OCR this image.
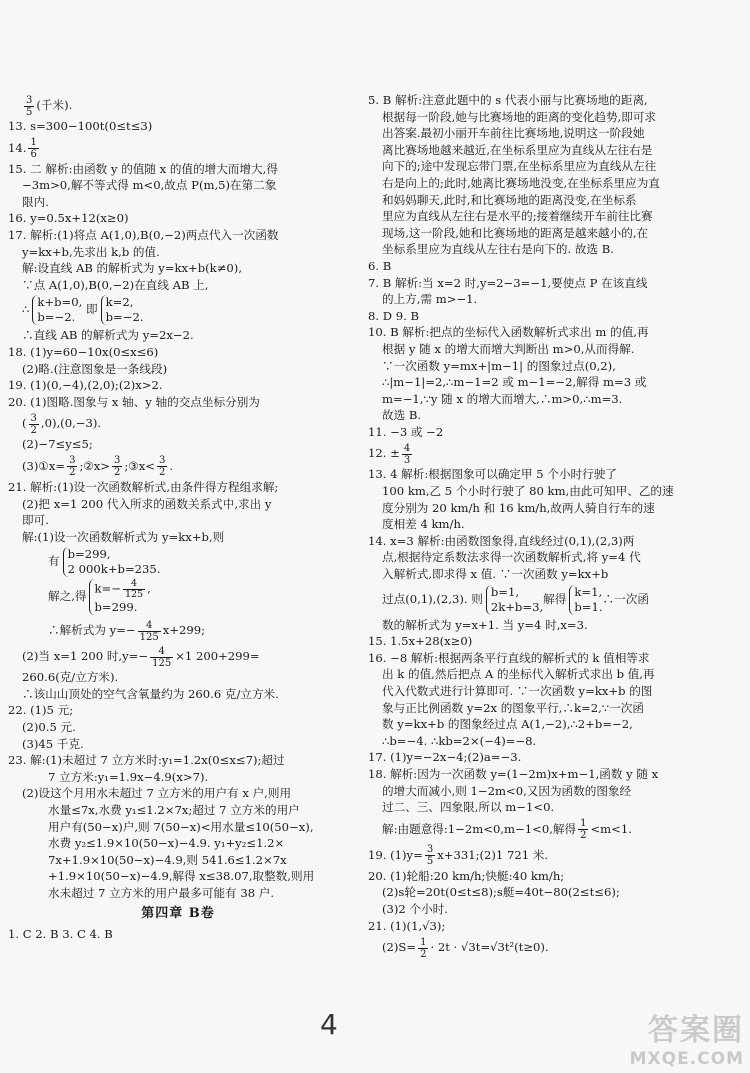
$\frac{3}{5}$ (千米).
13. s=300−100t(0≤t≤3)
14. $\frac{1}{6}$
15. 二 解析:由函数 y 的值随 x 的值的增大而增大,得
−3m>0,解不等式得 m<0,故点 P(m,5)在第二象
限内.
16. y=0.5x+12(x≥0)
17. 解析:(1)将点 A(1,0),B(0,−2)两点代入一次函数
y=kx+b,先求出 k,b 的值.
解:设直线 AB 的解析式为 y=kx+b(k≠0),
∵点 A(1,0),B(0,−2)在直线 AB 上,
∴ k+b=0,
b=−2.
即 k=2,
b=−2.
∴直线 AB 的解析式为 y=2x−2.
18. (1)y=60−10x(0≤x≤6)
(2)略.(注意图象是一条线段)
19. (1)(0,−4),(2,0);(2)x>2.
20. (1)图略.图象与 x 轴、y 轴的交点坐标分别为
( $\frac{3}{2} ,0),(0,-3)$.
(2)−7≤y≤5;
(3)①x= $\frac{3}{2}$ ;②x> $\frac{3}{2}$ ;③x< $\frac{3}{2}$ .
21. 解析:(1)设一次函数解析式,由条件得方程组求解;
(2)把 x=1 200 代入所求的函数关系式中,求出 y
即可.
解:(1)设一次函数解析式为 y=kx+b,则
有 b=299,
2 000k+b=235.
解之,得
$k=- \frac{4}{125}$ ,
b=299.
∴解析式为 $y=- \frac{4}{125} x+299$;
(2)当 x=1 200 时$,y=- \frac{4}{125} \times 1$ 200+299=
260.6(克/立方米).
∴该山山顶处的空气含氧量约为 260.6 克/立方米.
22. (1)5 元;
(2)0.5 元.
(3)45 千克.
23. 解:(1)未超过 7 立方米时:y₁=1.2x(0≤x≤7);超过
7 立方米:y₁=1.9x−4.9(x>7).
(2)设这个月用水未超过 7 立方米的用户有 x 户,则用
水量≤7x,水费 y₁≤1.2×7x;超过 7 立方米的用户
用户有(50−x)户,则 7(50−x)<用水量≤10(50−x),
水费 y₂≤1.9×10(50−x)−4.9. y₁+y₂≤1.2×
7x+1.9×10(50−x)−4.9,则 541.6≤1.2×7x
+1.9×10(50−x)−4.9,解得 x≤38.07,取整数,则用
水未超过 7 立方米的用户最多可能有 38 户.
第四章 B卷
1. C 2. B 3. C 4. B
5. B 解析:注意此题中的 s 代表小丽与比赛场地的距离,
根据每一阶段,她与比赛场地的距离的变化趋势,即可求
出答案.最初小丽开车前往比赛场地,说明这一阶段她
离比赛场地越来越近,在坐标系里应为直线从左往右是
向下的;途中发现忘带门票,在坐标系里应为直线从左往
右是向上的;此时,她离比赛场地没变,在坐标系里应为直
和妈妈聊天,此时,和比赛场地的距离没变,在坐标系
里应为直线从左往右是水平的;接着继续开车前往比赛
现场,这一阶段,她和比赛场地的距离是越来越小的,在
坐标系里应为直线从左往右是向下的. 故选 B.
6. B
7. B 解析:当 x=2 时,y=2−3=−1,要使点 P 在该直线
的上方,需 m>−1.
8. D 9. B
10. B 解析:把点的坐标代入函数解析式求出 m 的值,再
根据 y 随 x 的增大而增大判断出 m>0,从而得解.
∵一次函数 y=mx+|m−1| 的图象过点(0,2),
∴|m−1|=2,∴m−1=2 或 m−1=−2,解得 m=3 或
m=−1,∵y 随 x 的增大而增大,∴m>0,∴m=3.
故选 B.
11. −3 或 −2
12. ± $\frac{4}{3}$
13. 4 解析:根据图象可以确定甲 5 个小时行驶了
100 km,乙 5 个小时行驶了 80 km,由此可知甲、乙的速
度分别为 20 km/h 和 16 km/h,故两人骑自行车的速
度相差 4 km/h.
14. x=3 解析:由函数图象得,直线经过(0,1),(2,3)两
点,根据待定系数法求得一次函数解析式,将 y=4 代
入解析式,即求得 x 值. ∵一次函数 y=kx+b
过点(0,1),(2,3). 则 b=1,
2k+b=3,
解得 k=1,
b=1.
∴一次函
数的解析式为 y=x+1. 当 y=4 时,x=3.
15. 1.5x+28(x≥0)
16. −8 解析:根据两条平行直线的解析式的 k 值相等求
出 k 的值,然后把点 A 的坐标代入解析式求出 b 值,再
代入代数式进行计算即可. ∵一次函数 y=kx+b 的图
象与正比例函数 y=2x 的图象平行,∴k=2,∵一次函
数 y=kx+b 的图象经过点 A(1,−2),∴2+b=−2,
∴b=−4. ∴kb=2×(−4)=−8.
17. (1)y=−2x−4;(2)a=−3.
18. 解析:因为一次函数 y=(1−2m)x+m−1,函数 y 随 x
的增大而减小,则 1−2m<0,又因为函数的图象经
过二、三、四象限,所以 m−1<0.
解:由题意得:1−2m<0,m−1<0,解得 $\frac{1}{2} <m<1$.
19. $(1)y= \frac{3}{5}$ x+331;(2)1 721 米.
20. (1)轮船:20 km/h;快艇:40 km/h;
(2)s轮=20t(0≤t≤8);s艇=40t−80(2≤t≤6);
(3)2 个小时.
21. (1)(1,√3);
$(2)S= \frac{1}{2} \cdot 2t \cdot √3t=√3t^2(t\ge 0)$.
4	答案圈
MXQE.COM
